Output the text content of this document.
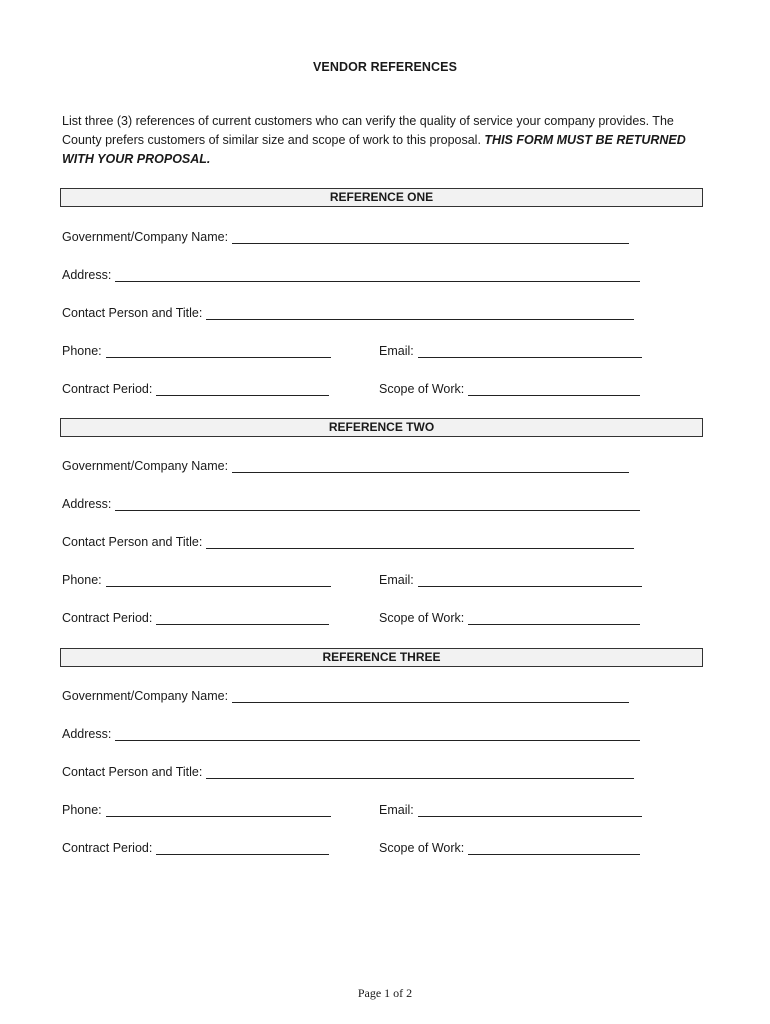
VENDOR REFERENCES
List three (3) references of current customers who can verify the quality of service your company provides. The County prefers customers of similar size and scope of work to this proposal. THIS FORM MUST BE RETURNED WITH YOUR PROPOSAL.
REFERENCE ONE
Government/Company Name:
Address:
Contact Person and Title:
Phone:	Email:
Contract Period:	Scope of Work:
REFERENCE TWO
Government/Company Name:
Address:
Contact Person and Title:
Phone:	Email:
Contract Period:	Scope of Work:
REFERENCE THREE
Government/Company Name:
Address:
Contact Person and Title:
Phone:	Email:
Contract Period:	Scope of Work:
Page 1 of 2
